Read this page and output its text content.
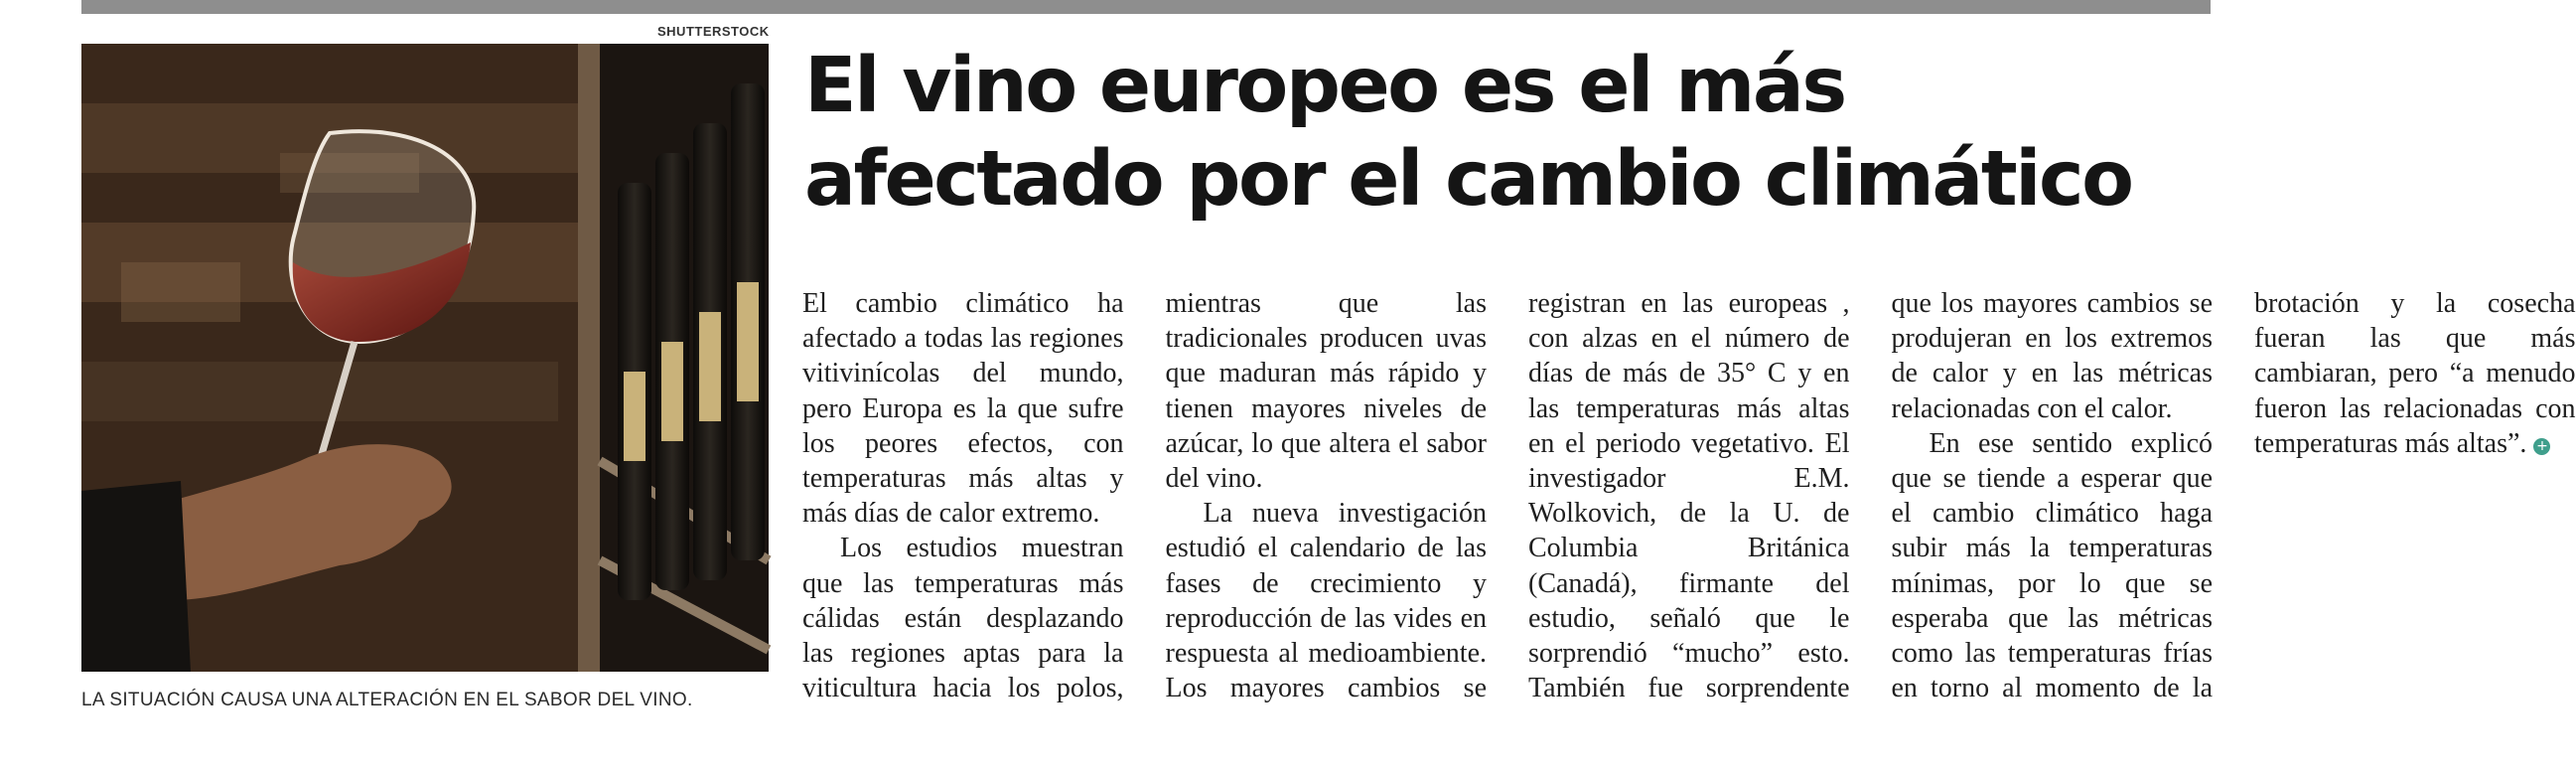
SHUTTERSTOCK
LA SITUACIÓN CAUSA UNA ALTERACIÓN EN EL SABOR DEL VINO.
El vino europeo es el más afectado por el cambio climático

El cambio climático ha afectado a todas las regiones vitivinícolas del mundo, pero Europa es la que sufre los peores efectos, con temperaturas más altas y más días de calor extremo.

Los estudios muestran que las temperaturas más cálidas están desplazando las regiones aptas para la viticultura hacia los polos, mientras que las tradicionales producen uvas que maduran más rápido y tienen mayores niveles de azúcar, lo que altera el sabor del vino.

La nueva investigación estudió el calendario de las fases de crecimiento y reproducción de las vides en respuesta al medioambiente. Los mayores cambios se registran en las europeas , con alzas en el número de días de más de 35° C y en las temperaturas más altas en el periodo vegetativo. El investigador E.M. Wolkovich, de la U. de Columbia Británica (Canadá), firmante del estudio, señaló que le sorprendió “mucho” esto. También fue sorprendente que los mayores cambios se produjeran en los extremos de calor y en las métricas relacionadas con el calor.

En ese sentido explicó que se tiende a esperar que el cambio climático haga subir más la temperaturas mínimas, por lo que se esperaba que las métricas como las temperaturas frías en torno al momento de la brotación y la cosecha fueran las que más cambiaran, pero “a menudo fueron las relacionadas con temperaturas más altas”. +
